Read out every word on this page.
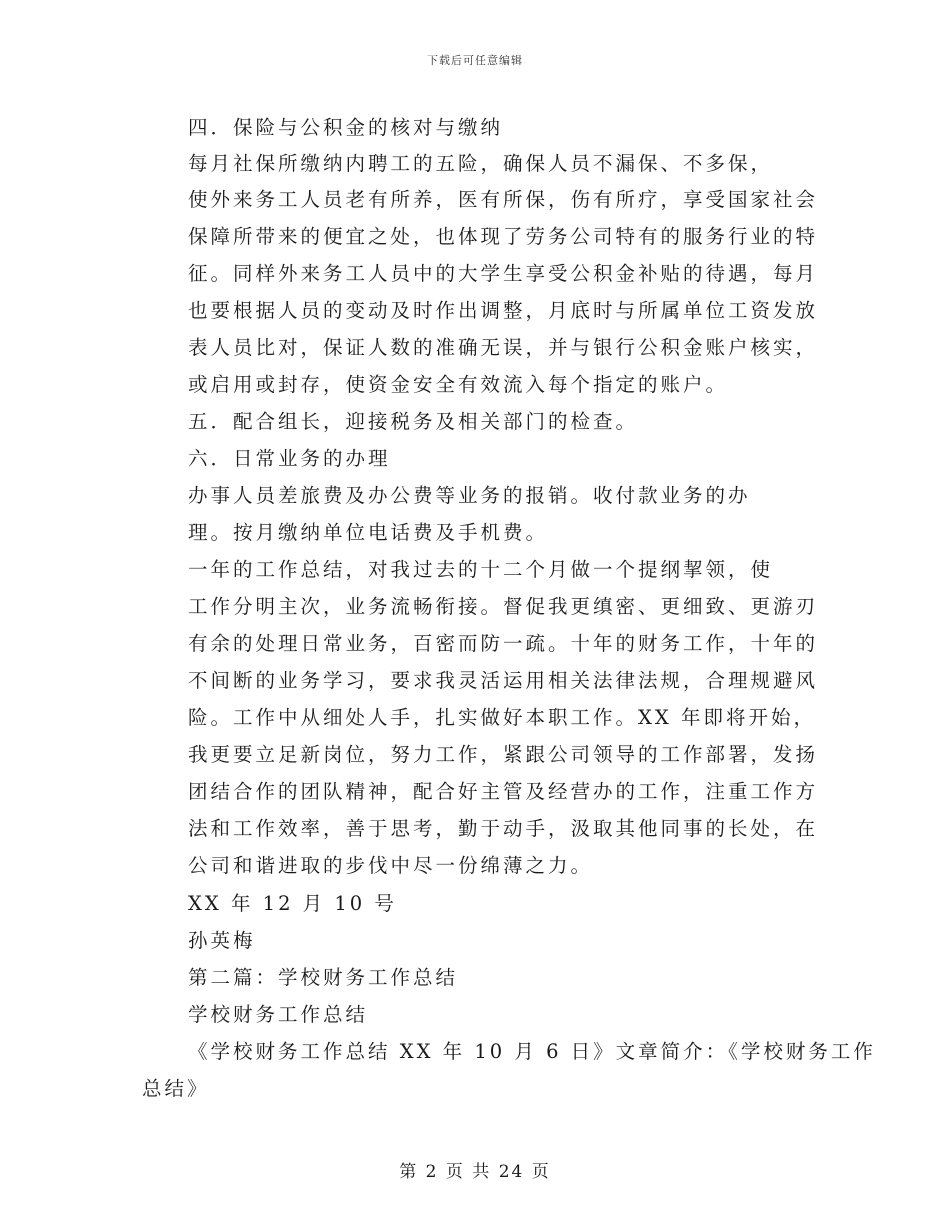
下载后可任意编辑
四．保险与公积金的核对与缴纳
每月社保所缴纳内聘工的五险，确保人员不漏保、不多保，
使外来务工人员老有所养，医有所保，伤有所疗，享受国家社会
保障所带来的便宜之处，也体现了劳务公司特有的服务行业的特
征。同样外来务工人员中的大学生享受公积金补贴的待遇，每月
也要根据人员的变动及时作出调整，月底时与所属单位工资发放
表人员比对，保证人数的准确无误，并与银行公积金账户核实，
或启用或封存，使资金安全有效流入每个指定的账户。
五．配合组长，迎接税务及相关部门的检查。
六．日常业务的办理
办事人员差旅费及办公费等业务的报销。收付款业务的办
理。按月缴纳单位电话费及手机费。
一年的工作总结，对我过去的十二个月做一个提纲挈领，使
工作分明主次，业务流畅衔接。督促我更缜密、更细致、更游刃
有余的处理日常业务，百密而防一疏。十年的财务工作，十年的
不间断的业务学习，要求我灵活运用相关法律法规，合理规避风
险。工作中从细处人手，扎实做好本职工作。XX 年即将开始，
我更要立足新岗位，努力工作，紧跟公司领导的工作部署，发扬
团结合作的团队精神，配合好主管及经营办的工作，注重工作方
法和工作效率，善于思考，勤于动手，汲取其他同事的长处，在
公司和谐进取的步伐中尽一份绵薄之力。
XX 年 12 月 10 号
孙英梅
第二篇：学校财务工作总结
学校财务工作总结
《学校财务工作总结 XX 年 10 月 6 日》文章简介：《学校财务工作
总结》
第 2 页 共 24 页
